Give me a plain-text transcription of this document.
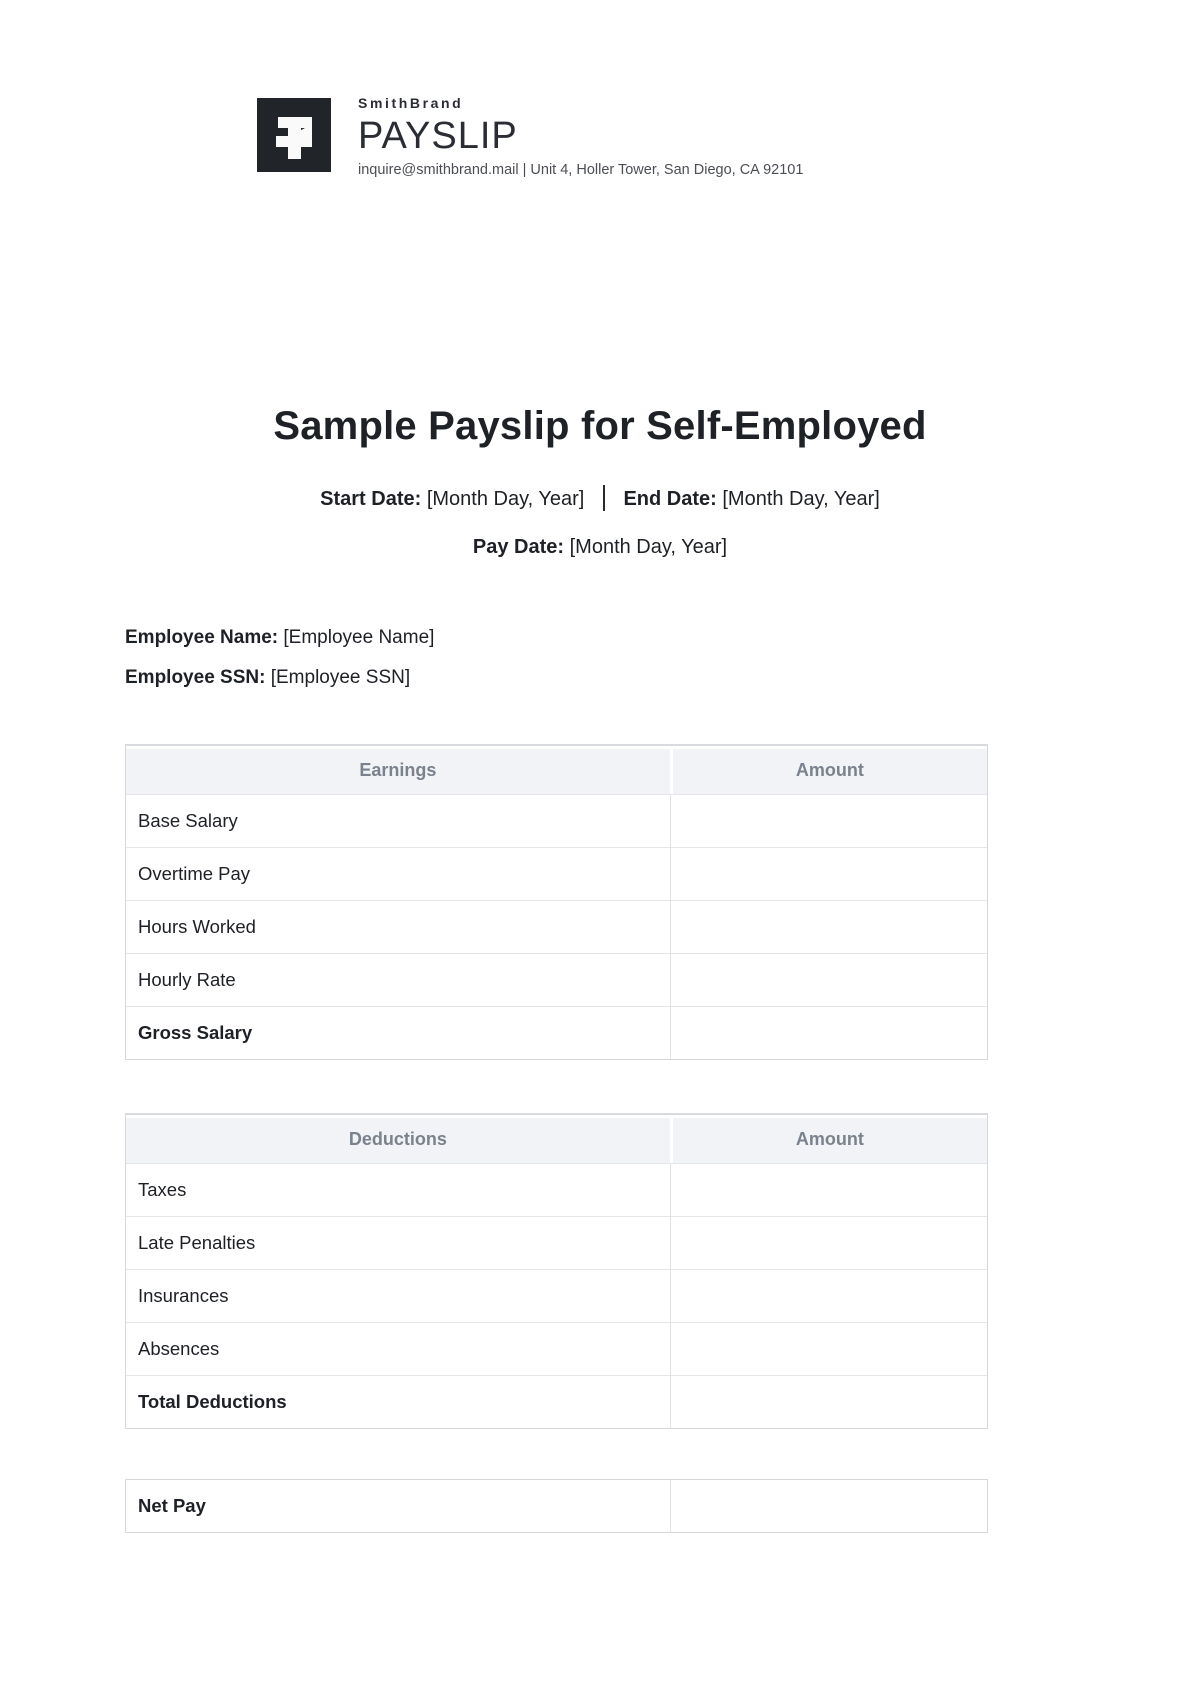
SmithBrand
PAYSLIP
inquire@smithbrand.mail | Unit 4, Holler Tower, San Diego, CA 92101
Sample Payslip for Self-Employed

Start Date: [Month Day, Year] End Date: [Month Day, Year]

Pay Date: [Month Day, Year]

Employee Name: [Employee Name]

Employee SSN: [Employee SSN]

Earnings	Amount
Base Salary	
Overtime Pay	
Hours Worked	
Hourly Rate	
Gross Salary	
Deductions	Amount
Taxes	
Late Penalties	
Insurances	
Absences	
Total Deductions	
Net Pay	
